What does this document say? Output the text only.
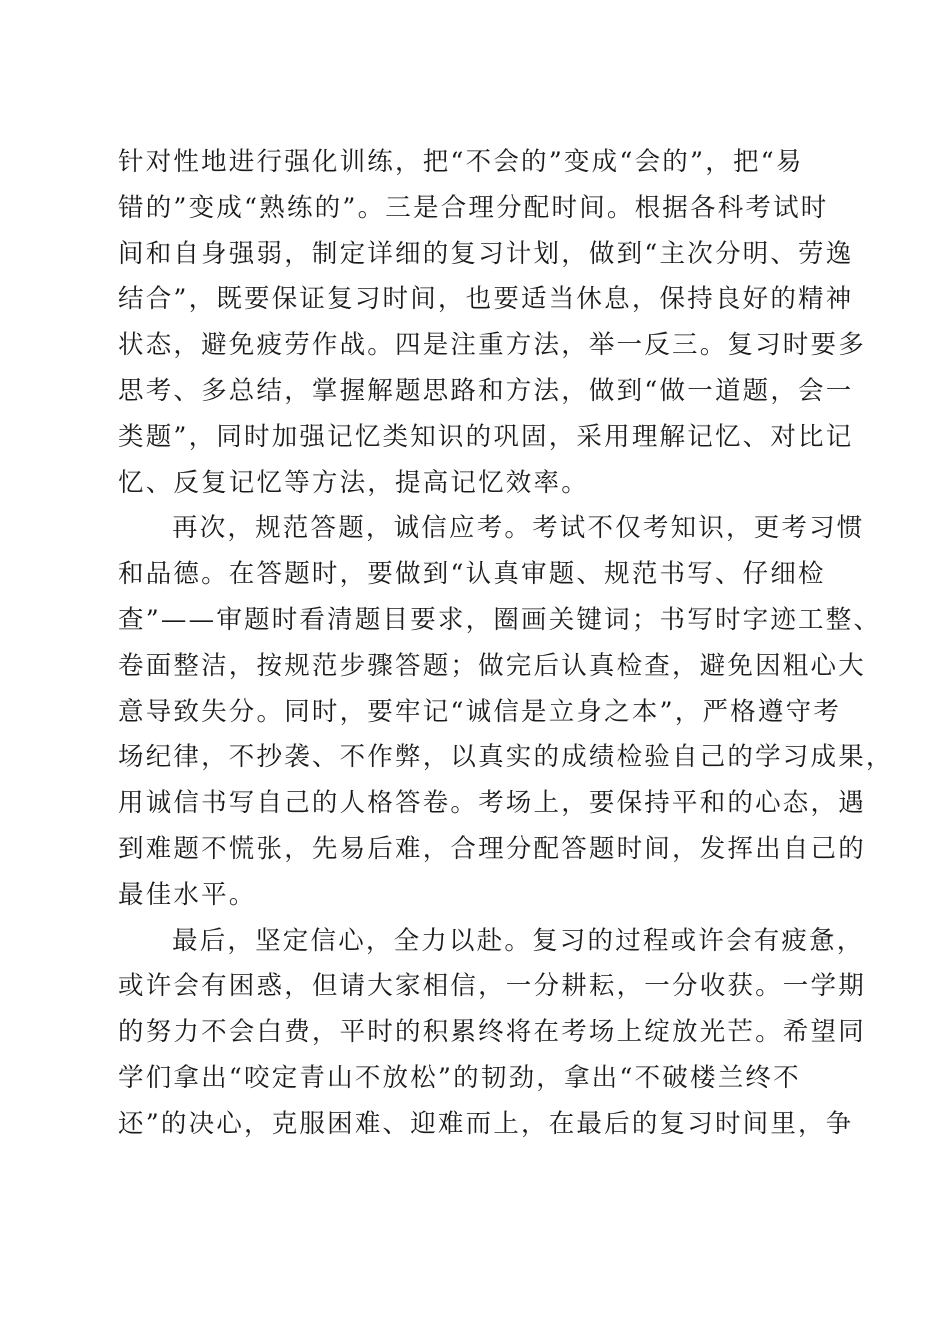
针对性地进行强化训练，把“不会的”变成“会的”，把“易
错的”变成“熟练的”。三是合理分配时间。根据各科考试时
间和自身强弱，制定详细的复习计划，做到“主次分明、劳逸
结合”，既要保证复习时间，也要适当休息，保持良好的精神
状态，避免疲劳作战。四是注重方法，举一反三。复习时要多
思考、多总结，掌握解题思路和方法，做到“做一道题，会一
类题”，同时加强记忆类知识的巩固，采用理解记忆、对比记
忆、反复记忆等方法，提高记忆效率。
再次，规范答题，诚信应考。考试不仅考知识，更考习惯
和品德。在答题时，要做到“认真审题、规范书写、仔细检
查”——审题时看清题目要求，圈画关键词；书写时字迹工整、
卷面整洁，按规范步骤答题；做完后认真检查，避免因粗心大
意导致失分。同时，要牢记“诚信是立身之本”，严格遵守考
场纪律，不抄袭、不作弊，以真实的成绩检验自己的学习成果，
用诚信书写自己的人格答卷。考场上，要保持平和的心态，遇
到难题不慌张，先易后难，合理分配答题时间，发挥出自己的
最佳水平。
最后，坚定信心，全力以赴。复习的过程或许会有疲惫，
或许会有困惑，但请大家相信，一分耕耘，一分收获。一学期
的努力不会白费，平时的积累终将在考场上绽放光芒。希望同
学们拿出“咬定青山不放松”的韧劲，拿出“不破楼兰终不
还”的决心，克服困难、迎难而上，在最后的复习时间里，争
